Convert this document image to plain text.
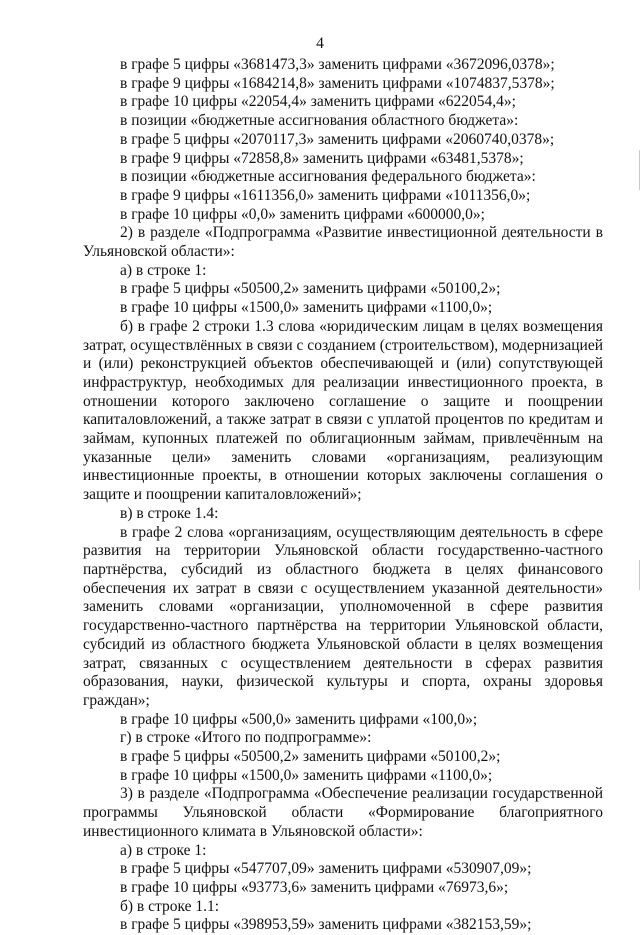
4

в графе 5 цифры «3681473,3» заменить цифрами «3672096,0378»;

в графе 9 цифры «1684214,8» заменить цифрами «1074837,5378»;

в графе 10 цифры «22054,4» заменить цифрами «622054,4»;

в позиции «бюджетные ассигнования областного бюджета»:

в графе 5 цифры «2070117,3» заменить цифрами «2060740,0378»;

в графе 9 цифры «72858,8» заменить цифрами «63481,5378»;

в позиции «бюджетные ассигнования федерального бюджета»:

в графе 9 цифры «1611356,0» заменить цифрами «1011356,0»;

в графе 10 цифры «0,0» заменить цифрами «600000,0»;

2) в разделе «Подпрограмма «Развитие инвестиционной деятельности в Ульяновской области»:

а) в строке 1:

в графе 5 цифры «50500,2» заменить цифрами «50100,2»;

в графе 10 цифры «1500,0» заменить цифрами «1100,0»;

б) в графе 2 строки 1.3 слова «юридическим лицам в целях возмещения затрат, осуществлённых в связи с созданием (строительством), модернизацией и (или) реконструкцией объектов обеспечивающей и (или) сопутствующей инфраструктур, необходимых для реализации инвестиционного проекта, в отношении которого заключено соглашение о защите и поощрении капиталовложений, а также затрат в связи с уплатой процентов по кредитам и займам, купонных платежей по облигационным займам, привлечённым на указанные цели» заменить словами «организациям, реализующим инвестиционные проекты, в отношении которых заключены соглашения о защите и поощрении капиталовложений»;

в) в строке 1.4:

в графе 2 слова «организациям, осуществляющим деятельность в сфере развития на территории Ульяновской области государственно-частного партнёрства, субсидий из областного бюджета в целях финансового обеспечения их затрат в связи с осуществлением указанной деятельности» заменить словами «организации, уполномоченной в сфере развития государственно-частного партнёрства на территории Ульяновской области, субсидий из областного бюджета Ульяновской области в целях возмещения затрат, связанных с осуществлением деятельности в сферах развития образования, науки, физической культуры и спорта, охраны здоровья граждан»;

в графе 10 цифры «500,0» заменить цифрами «100,0»;

г) в строке «Итого по подпрограмме»:

в графе 5 цифры «50500,2» заменить цифрами «50100,2»;

в графе 10 цифры «1500,0» заменить цифрами «1100,0»;

3) в разделе «Подпрограмма «Обеспечение реализации государственной программы Ульяновской области «Формирование благоприятного инвестиционного климата в Ульяновской области»:

а) в строке 1:

в графе 5 цифры «547707,09» заменить цифрами «530907,09»;

в графе 10 цифры «93773,6» заменить цифрами «76973,6»;

б) в строке 1.1:

в графе 5 цифры «398953,59» заменить цифрами «382153,59»;
